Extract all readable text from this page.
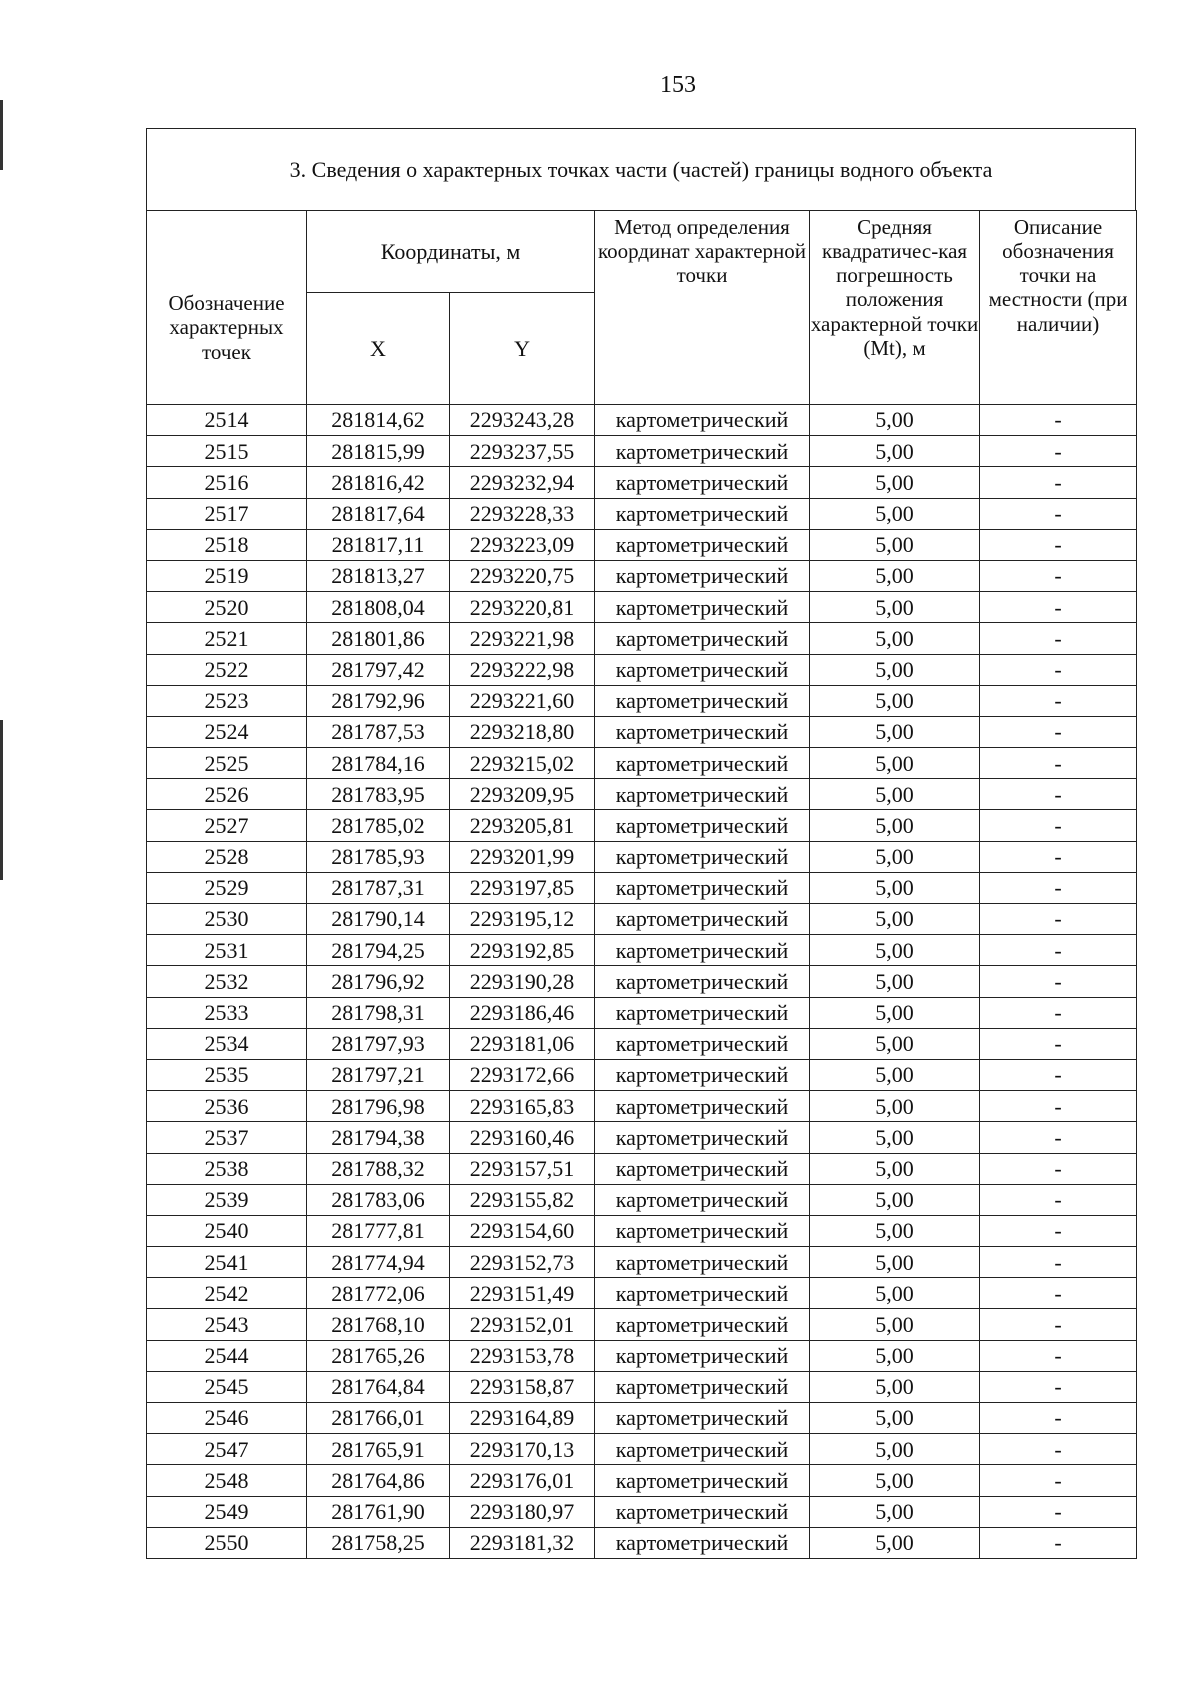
153
3. Сведения о характерных точках части (частей) границы водного объекта
Обозначение характерных точек	Координаты, м		Метод определения координат характерной точки	Средняя квадратичес-кая погрешность положения характерной точки (Mt), м	Описание обозначения точки на местности (при наличии)
	X	Y			
2514	281814,62	2293243,28	картометрический	5,00	-
2515	281815,99	2293237,55	картометрический	5,00	-
2516	281816,42	2293232,94	картометрический	5,00	-
2517	281817,64	2293228,33	картометрический	5,00	-
2518	281817,11	2293223,09	картометрический	5,00	-
2519	281813,27	2293220,75	картометрический	5,00	-
2520	281808,04	2293220,81	картометрический	5,00	-
2521	281801,86	2293221,98	картометрический	5,00	-
2522	281797,42	2293222,98	картометрический	5,00	-
2523	281792,96	2293221,60	картометрический	5,00	-
2524	281787,53	2293218,80	картометрический	5,00	-
2525	281784,16	2293215,02	картометрический	5,00	-
2526	281783,95	2293209,95	картометрический	5,00	-
2527	281785,02	2293205,81	картометрический	5,00	-
2528	281785,93	2293201,99	картометрический	5,00	-
2529	281787,31	2293197,85	картометрический	5,00	-
2530	281790,14	2293195,12	картометрический	5,00	-
2531	281794,25	2293192,85	картометрический	5,00	-
2532	281796,92	2293190,28	картометрический	5,00	-
2533	281798,31	2293186,46	картометрический	5,00	-
2534	281797,93	2293181,06	картометрический	5,00	-
2535	281797,21	2293172,66	картометрический	5,00	-
2536	281796,98	2293165,83	картометрический	5,00	-
2537	281794,38	2293160,46	картометрический	5,00	-
2538	281788,32	2293157,51	картометрический	5,00	-
2539	281783,06	2293155,82	картометрический	5,00	-
2540	281777,81	2293154,60	картометрический	5,00	-
2541	281774,94	2293152,73	картометрический	5,00	-
2542	281772,06	2293151,49	картометрический	5,00	-
2543	281768,10	2293152,01	картометрический	5,00	-
2544	281765,26	2293153,78	картометрический	5,00	-
2545	281764,84	2293158,87	картометрический	5,00	-
2546	281766,01	2293164,89	картометрический	5,00	-
2547	281765,91	2293170,13	картометрический	5,00	-
2548	281764,86	2293176,01	картометрический	5,00	-
2549	281761,90	2293180,97	картометрический	5,00	-
2550	281758,25	2293181,32	картометрический	5,00	-
